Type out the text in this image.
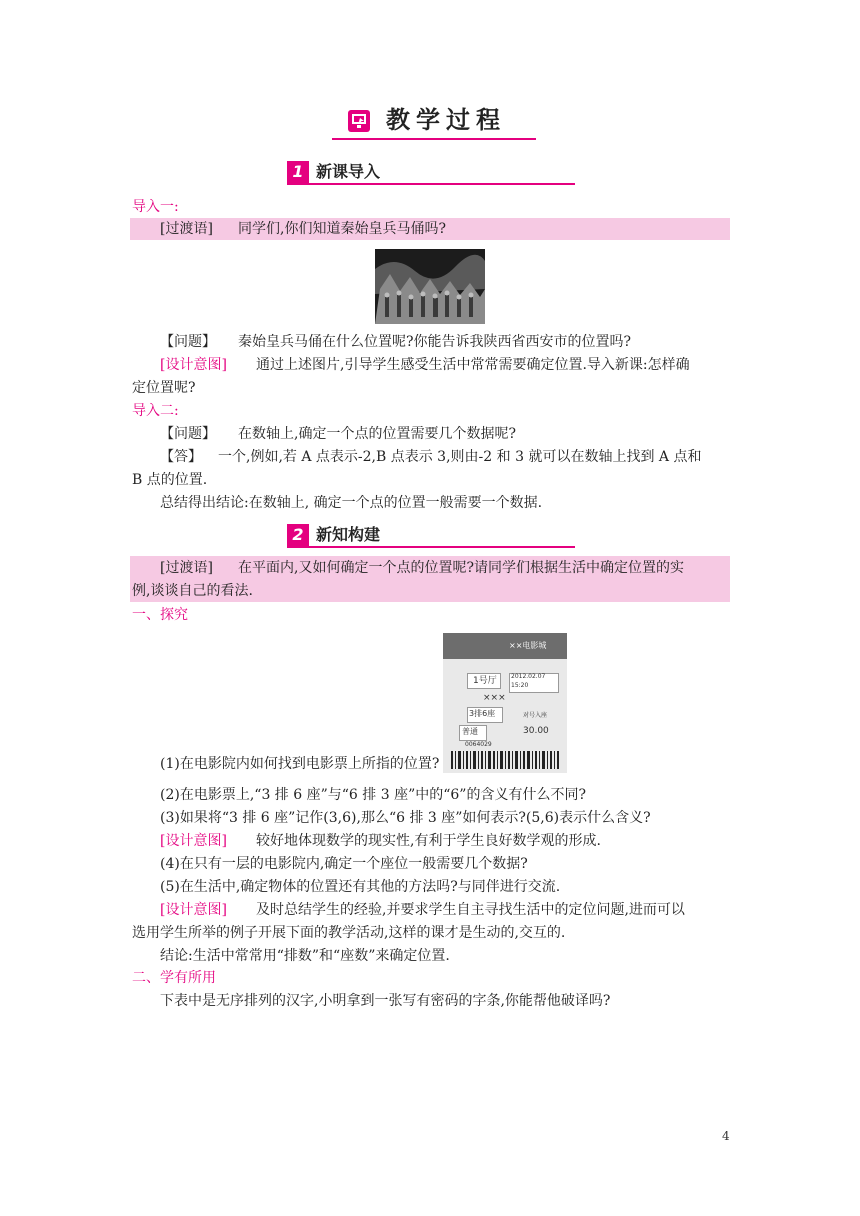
教学过程
1 新课导入
导入一:
[过渡语] 同学们,你们知道秦始皇兵马俑吗?
【问题】 秦始皇兵马俑在什么位置呢?你能告诉我陕西省西安市的位置吗?
[设计意图] 通过上述图片,引导学生感受生活中常常需要确定位置.导入新课:怎样确
定位置呢?
导入二:
【问题】 在数轴上,确定一个点的位置需要几个数据呢?
【答】 一个,例如,若 A 点表示-2,B 点表示 3,则由-2 和 3 就可以在数轴上找到 A 点和
B 点的位置.
总结得出结论:在数轴上, 确定一个点的位置一般需要一个数据.
2 新知构建
[过渡语] 在平面内,又如何确定一个点的位置呢?请同学们根据生活中确定位置的实
例,谈谈自己的看法.
一、探究
××电影城
1号厅 2012.02.07
15:20
×××
3排6座	对号入座
普通	30.00
0064029
(1)在电影院内如何找到电影票上所指的位置?
(2)在电影票上,“3 排 6 座”与“6 排 3 座”中的“6”的含义有什么不同?
(3)如果将“3 排 6 座”记作(3,6),那么“6 排 3 座”如何表示?(5,6)表示什么含义?
[设计意图] 较好地体现数学的现实性,有利于学生良好数学观的形成.
(4)在只有一层的电影院内,确定一个座位一般需要几个数据?
(5)在生活中,确定物体的位置还有其他的方法吗?与同伴进行交流.
[设计意图] 及时总结学生的经验,并要求学生自主寻找生活中的定位问题,进而可以
选用学生所举的例子开展下面的教学活动,这样的课才是生动的,交互的.
结论:生活中常常用“排数”和“座数”来确定位置.
二、学有所用
下表中是无序排列的汉字,小明拿到一张写有密码的字条,你能帮他破译吗?
4
